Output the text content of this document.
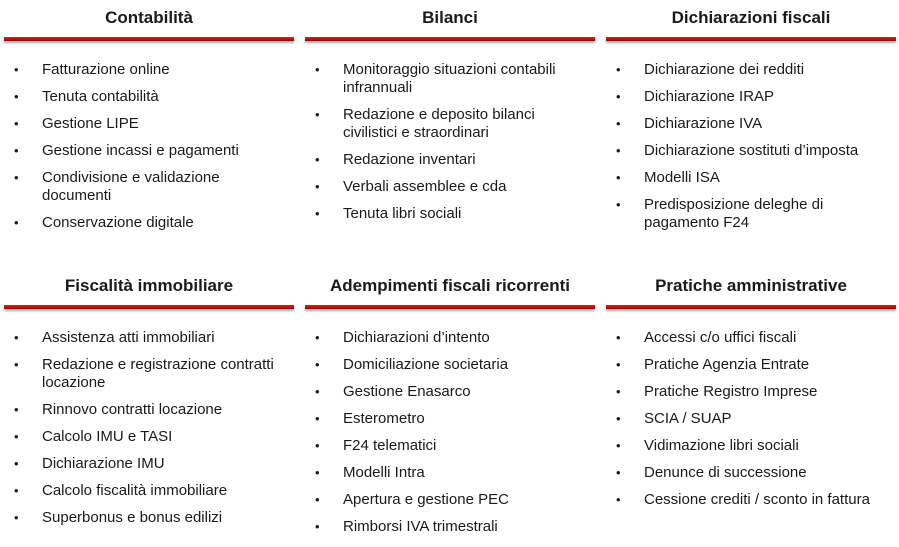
Contabilità
• Fatturazione online
• Tenuta contabilità
• Gestione LIPE
• Gestione incassi e pagamenti
• Condivisione e validazione documenti
• Conservazione digitale
Bilanci
• Monitoraggio situazioni contabili infrannuali
• Redazione e deposito bilanci civilistici e straordinari
• Redazione inventari
• Verbali assemblee e cda
• Tenuta libri sociali
Dichiarazioni fiscali
• Dichiarazione dei redditi
• Dichiarazione IRAP
• Dichiarazione IVA
• Dichiarazione sostituti d’imposta
• Modelli ISA
• Predisposizione deleghe di pagamento F24
Fiscalità immobiliare
• Assistenza atti immobiliari
• Redazione e registrazione contratti locazione
• Rinnovo contratti locazione
• Calcolo IMU e TASI
• Dichiarazione IMU
• Calcolo fiscalità immobiliare
• Superbonus e bonus edilizi
Adempimenti fiscali ricorrenti
• Dichiarazioni d’intento
• Domiciliazione societaria
• Gestione Enasarco
• Esterometro
• F24 telematici
• Modelli Intra
• Apertura e gestione PEC
• Rimborsi IVA trimestrali
Pratiche amministrative
• Accessi c/o uffici fiscali
• Pratiche Agenzia Entrate
• Pratiche Registro Imprese
• SCIA / SUAP
• Vidimazione libri sociali
• Denunce di successione
• Cessione crediti / sconto in fattura
